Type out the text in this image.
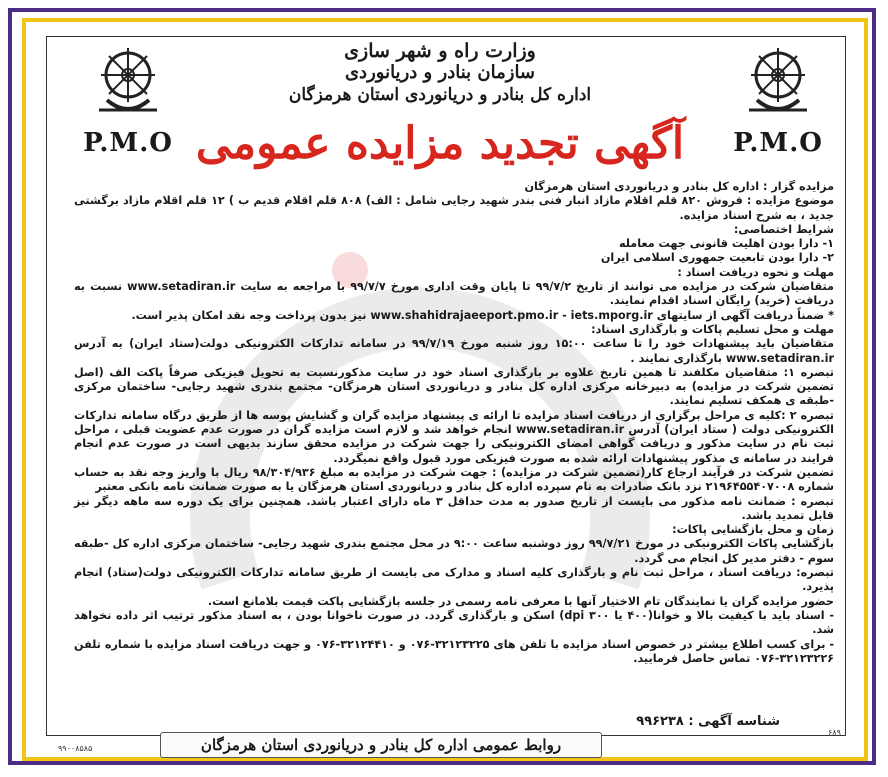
P.M.O	P.M.O
وزارت راه و شهر سازی
سازمان بنادر و دریانوردی
اداره کل بنادر و دریانوردی استان هرمزگان
آگهی تجدید مزایده عمومی

مزایده گزار : اداره کل بنادر و دریانوردی استان هرمزگان

موضوع مزایده : فروش ۸۲۰ قلم اقلام مازاد انبار فنی بندر شهید رجایی شامل : الف) ۸۰۸ قلم اقلام قدیم ب ) ۱۲ قلم اقلام مازاد برگشتی جدید ، به شرح اسناد مزایده.

شرایط اختصاصی:

۱- دارا بودن اهلیت قانونی جهت معامله

۲- دارا بودن تابعیت جمهوری اسلامی ایران

مهلت و نحوه دریافت اسناد :

متقاضیان شرکت در مزایده می توانند از تاریخ ۹۹/۷/۲ تا پایان وقت اداری مورخ ۹۹/۷/۷ با مراجعه به سایت www.setadiran.ir نسبت به دریافت (خرید) رایگان اسناد اقدام نمایند.

* ضمناً دریافت آگهی از سایتهای www.shahidrajaeeport.pmo.ir - iets.mporg.ir نیز بدون پرداخت وجه نقد امکان پذیر است.

مهلت و محل تسلیم پاکات و بارگذاری اسناد:

متقاضیان باید پیشنهادات خود را تا ساعت ۱۵:۰۰ روز شنبه مورخ ۹۹/۷/۱۹ در سامانه تدارکات الکترونیکی دولت(ستاد ایران) به آدرس www.setadiran.ir بارگذاری نمایند .

تبصره ۱: متقاضیان مکلفند تا همین تاریخ علاوه بر بارگذاری اسناد خود در سایت مذکورنسبت به تحویل فیزیکی صرفاً پاکت الف (اصل تضمین شرکت در مزایده) به دبیرخانه مرکزی اداره کل بنادر و دریانوردی استان هرمزگان- مجتمع بندری شهید رجایی- ساختمان مرکزی -طبقه ی همکف تسلیم نمایند.

تبصره ۲ :کلیه ی مراحل برگزاری از دریافت اسناد مزایده تا ارائه ی پیشنهاد مزایده گران و گشایش پوسه ها از طریق درگاه سامانه تدارکات الکترونیکی دولت ( ستاد ایران) آدرس www.setadiran.ir انجام خواهد شد و لازم است مزایده گران در صورت عدم عضویت قبلی ، مراحل ثبت نام در سایت مذکور و دریافت گواهی امضای الکترونیکی را جهت شرکت در مزایده محقق سازند بدیهی است در صورت عدم انجام فرایند در سامانه ی مذکور پیشنهادات ارائه شده به صورت فیزیکی مورد قبول واقع نمیگردد.

تضمین شرکت در فرآیند ارجاع کار(تضمین شرکت در مزایده) : جهت شرکت در مزایده به مبلغ ۹۸/۳۰۴/۹۳۶ ریال با واریز وجه نقد به حساب شماره ۲۱۹۶۴۵۵۴۰۷۰۰۸ نزد بانک صادرات به نام سپرده اداره کل بنادر و دریانوردی استان هرمزگان یا به صورت ضمانت نامه بانکی معتبر

تبصره : ضمانت نامه مذکور می بایست از تاریخ صدور به مدت حداقل ۳ ماه دارای اعتبار باشد. همچنین برای یک دوره سه ماهه دیگر نیز قابل تمدید باشد.

زمان و محل بازگشایی پاکات:

بازگشایی پاکات الکترونیکی در مورخ ۹۹/۷/۲۱ روز دوشنبه ساعت ۹:۰۰ در محل مجتمع بندری شهید رجایی- ساختمان مرکزی اداره کل -طبقه سوم - دفتر مدیر کل انجام می گردد.

تبصره: دریافت اسناد ، مراحل ثبت نام و بارگذاری کلیه اسناد و مدارک می بایست از طریق سامانه تدارکات الکترونیکی دولت(ستاد) انجام پذیرد.

حضور مزایده گران یا نمایندگان تام الاختیار آنها با معرفی نامه رسمی در جلسه بازگشایی پاکت قیمت بلامانع است.

- اسناد باید با کیفیت بالا و خوانا(۴۰۰ یا ۳۰۰ dpi) اسکن و بارگذاری گردد. در صورت ناخوانا بودن ، به اسناد مذکور ترتیب اثر داده نخواهد شد.

- برای کسب اطلاع بیشتر در خصوص اسناد مزایده با تلفن های ۳۲۱۲۳۲۲۵-۰۷۶ و ۳۲۱۲۴۴۱۰-۰۷۶ و جهت دریافت اسناد مزایده با شماره تلفن ۳۲۱۲۳۲۲۶-۰۷۶ تماس حاصل فرمایید.

شناسه آگهی : ۹۹۶۲۳۸
روابط عمومی اداره کل بنادر و دریانوردی استان هرمزگان
۹۹۰۰۸۵۸۵
۶۸۹
